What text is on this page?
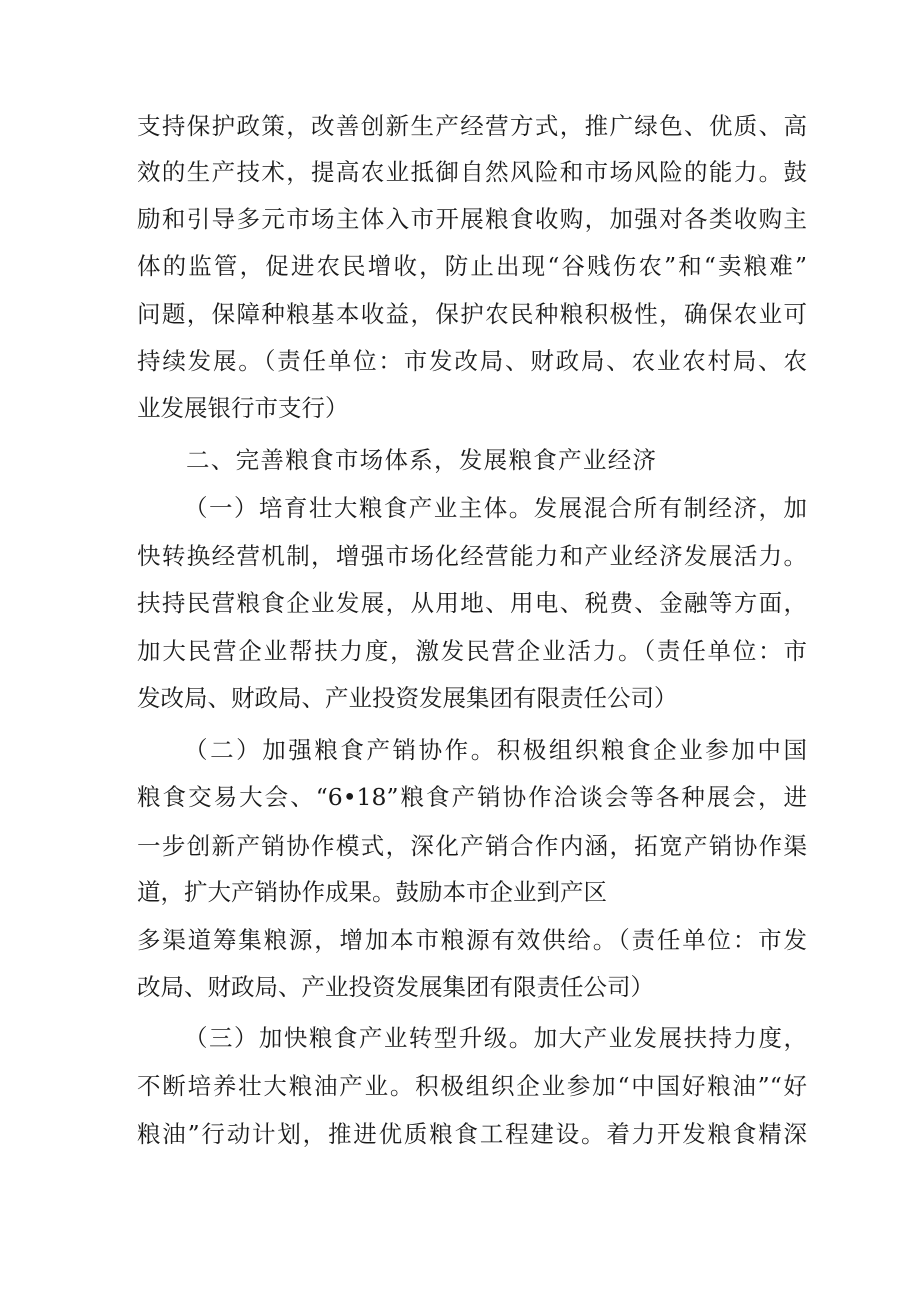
支持保护政策，改善创新生产经营方式，推广绿色、优质、高
效的生产技术，提高农业抵御自然风险和市场风险的能力。鼓
励和引导多元市场主体入市开展粮食收购，加强对各类收购主
体的监管，促进农民增收，防止出现“谷贱伤农”和“卖粮难”
问题，保障种粮基本收益，保护农民种粮积极性，确保农业可
持续发展。（责任单位：市发改局、财政局、农业农村局、农
业发展银行市支行）
二、完善粮食市场体系，发展粮食产业经济
（一）培育壮大粮食产业主体。发展混合所有制经济，加
快转换经营机制，增强市场化经营能力和产业经济发展活力。
扶持民营粮食企业发展，从用地、用电、税费、金融等方面，
加大民营企业帮扶力度，激发民营企业活力。（责任单位：市
发改局、财政局、产业投资发展集团有限责任公司）
（二）加强粮食产销协作。积极组织粮食企业参加中国
粮食交易大会、“6•18”粮食产销协作洽谈会等各种展会，进
一步创新产销协作模式，深化产销合作内涵，拓宽产销协作渠
道，扩大产销协作成果。鼓励本市企业到产区
多渠道筹集粮源，增加本市粮源有效供给。（责任单位：市发
改局、财政局、产业投资发展集团有限责任公司）
（三）加快粮食产业转型升级。加大产业发展扶持力度，
不断培养壮大粮油产业。积极组织企业参加“中国好粮油”“好
粮油”行动计划，推进优质粮食工程建设。着力开发粮食精深
